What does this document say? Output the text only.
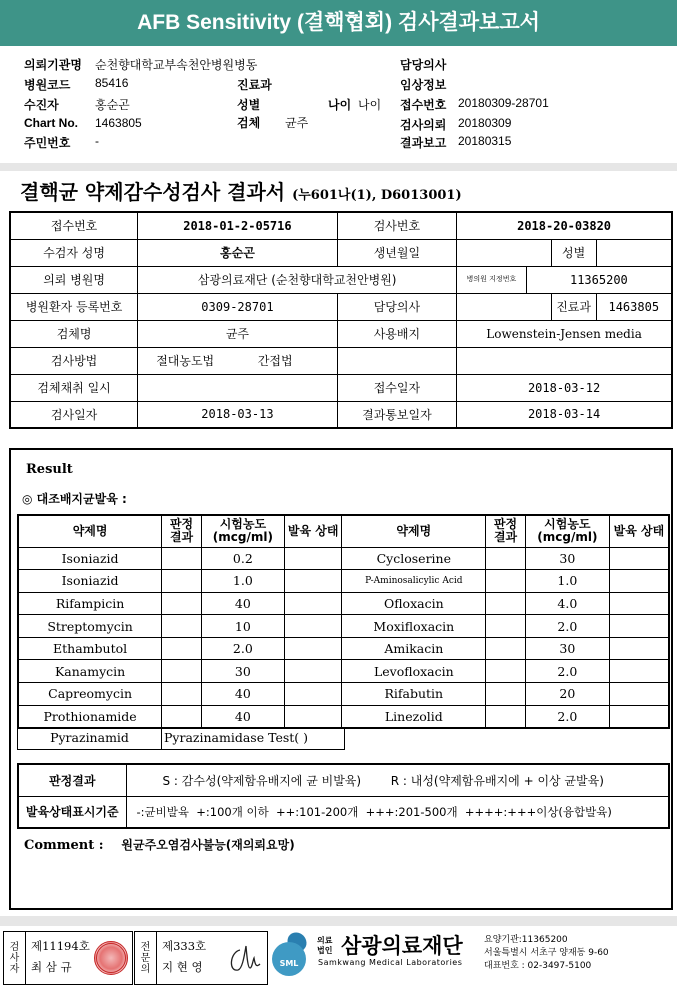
AFB Sensitivity (결핵협회) 검사결과보고서
의뢰기관명 순천향대학교부속천안병원병동
병원코드 85416	진료과
수진자	홍순곤	성별	나이 나이
Chart No. 1463805	검체 균주
주민번호 -
담당의사
임상정보
접수번호 20180309-28701
검사의뢰 20180309
결과보고 20180315
결핵균 약제감수성검사 결과서 (누601나(1), D6013001)
접수번호	2018-01-2-05716	검사번호	2018-20-03820			
수검자 성명	홍순곤	생년월일			성별	
의뢰 병원명	삼광의료재단 (순천향대학교천안병원)		병의원 지정번호	11365200		
병원환자 등록번호	0309-28701	담당의사			진료과	1463805
검체명	균주	사용배지	Lowenstein-Jensen media			
검사방법	절대농도법 간접법					
검체채취 일시		접수일자	2018-03-12			
검사일자	2018-03-13	결과통보일자	2018-03-14			
Result
◎ 대조배지균발육 :
약제명	판정 결과	시험농도 (mcg/ml)	발육 상태	약제명	판정 결과	시험농도 (mcg/ml)	발육 상태
Isoniazid		0.2		Cycloserine		30	
Isoniazid		1.0		P-Aminosalicylic Acid		1.0	
Rifampicin		40		Ofloxacin		4.0	
Streptomycin		10		Moxifloxacin		2.0	
Ethambutol		2.0		Amikacin		30	
Kanamycin		30		Levofloxacin		2.0	
Capreomycin		40		Rifabutin		20	
Prothionamide		40		Linezolid		2.0	
Pyrazinamid	Pyrazinamidase Test( )
판정결과	S : 감수성(약제함유배지에 균 비발육) R : 내성(약제함유배지에 + 이상 균발육)
발육상태표시기준	-:균비발육  +:100개 이하  ++:101-200개  +++:201-500개  ++++:+++이상(융합발육)
Comment : 원균주오염검사불능(재의뢰요망)
검사자
제11194호
최 삼 규
전문의
제333호
지 현 영	SML
의료 법인 삼광의료재단
Samkwang Medical Laboratories
요양기관:11365200
서울특별시 서초구 양재동 9-60
대표번호 : 02-3497-5100
